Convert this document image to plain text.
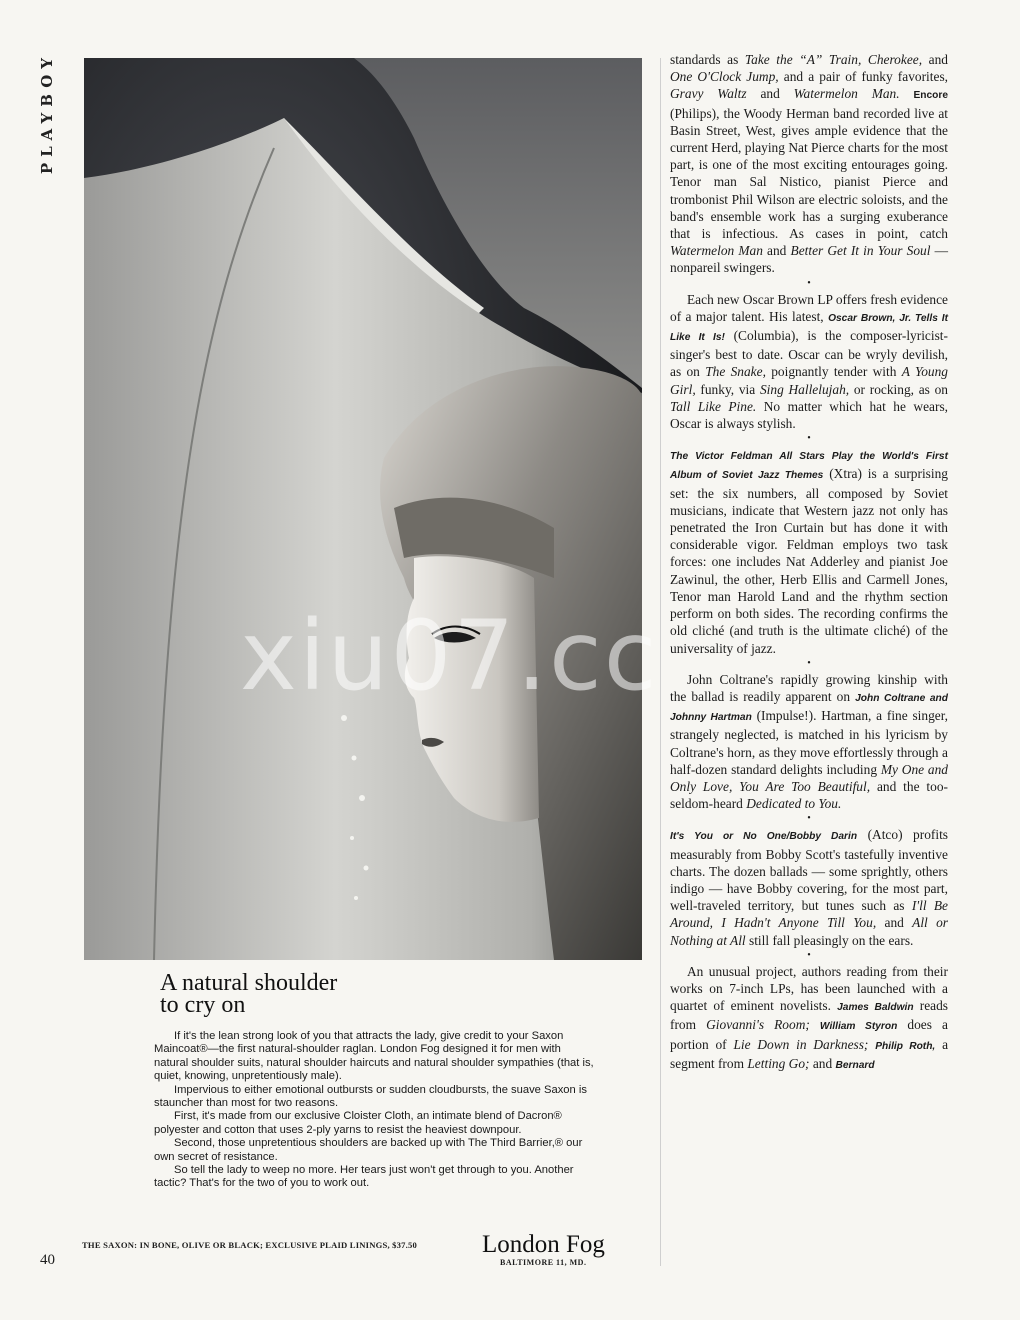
PLAYBOY
xiu07.cc
A natural shoulder
to cry on

If it's the lean strong look of you that attracts the lady, give credit to your Saxon Maincoat®—the first natural-shoulder raglan. London Fog designed it for men with natural shoulder suits, natural shoulder haircuts and natural shoulder sympathies (that is, quiet, knowing, unpretentiously male).

Impervious to either emotional outbursts or sudden cloudbursts, the suave Saxon is stauncher than most for two reasons.

First, it's made from our exclusive Cloister Cloth, an intimate blend of Dacron® polyester and cotton that uses 2-ply yarns to resist the heaviest downpour.

Second, those unpretentious shoulders are backed up with The Third Barrier,® our own secret of resistance.

So tell the lady to weep no more. Her tears just won't get through to you. Another tactic? That's for the two of you to work out.

THE SAXON: IN BONE, OLIVE OR BLACK; EXCLUSIVE PLAID LININGS, $37.50	London Fog
BALTIMORE 11, MD.
40

standards as Take the “A” Train, Cherokee, and One O'Clock Jump, and a pair of funky favorites, Gravy Waltz and Watermelon Man. Encore (Philips), the Woody Herman band recorded live at Basin Street, West, gives ample evidence that the current Herd, playing Nat Pierce charts for the most part, is one of the most exciting entourages going. Tenor man Sal Nistico, pianist Pierce and trombonist Phil Wilson are electric soloists, and the band's ensemble work has a surging exuberance that is infectious. As cases in point, catch Watermelon Man and Better Get It in Your Soul — nonpareil swingers.

•

Each new Oscar Brown LP offers fresh evidence of a major talent. His latest, Oscar Brown, Jr. Tells It Like It Is! (Columbia), is the composer-lyricist-singer's best to date. Oscar can be wryly devilish, as on The Snake, poignantly tender with A Young Girl, funky, via Sing Hallelujah, or rocking, as on Tall Like Pine. No matter which hat he wears, Oscar is always stylish.

•

The Victor Feldman All Stars Play the World's First Album of Soviet Jazz Themes (Xtra) is a surprising set: the six numbers, all composed by Soviet musicians, indicate that Western jazz not only has penetrated the Iron Curtain but has done it with considerable vigor. Feldman employs two task forces: one includes Nat Adderley and pianist Joe Zawinul, the other, Herb Ellis and Carmell Jones, Tenor man Harold Land and the rhythm section perform on both sides. The recording confirms the old cliché (and truth is the ultimate cliché) of the universality of jazz.

•

John Coltrane's rapidly growing kinship with the ballad is readily apparent on John Coltrane and Johnny Hartman (Impulse!). Hartman, a fine singer, strangely neglected, is matched in his lyricism by Coltrane's horn, as they move effortlessly through a half-dozen standard delights including My One and Only Love, You Are Too Beautiful, and the too-seldom-heard Dedicated to You.

•

It's You or No One/Bobby Darin (Atco) profits measurably from Bobby Scott's tastefully inventive charts. The dozen ballads — some sprightly, others indigo — have Bobby covering, for the most part, well-traveled territory, but tunes such as I'll Be Around, I Hadn't Anyone Till You, and All or Nothing at All still fall pleasingly on the ears.

•

An unusual project, authors reading from their works on 7-inch LPs, has been launched with a quartet of eminent novelists. James Baldwin reads from Giovanni's Room; William Styron does a portion of Lie Down in Darkness; Philip Roth, a segment from Letting Go; and Bernard
